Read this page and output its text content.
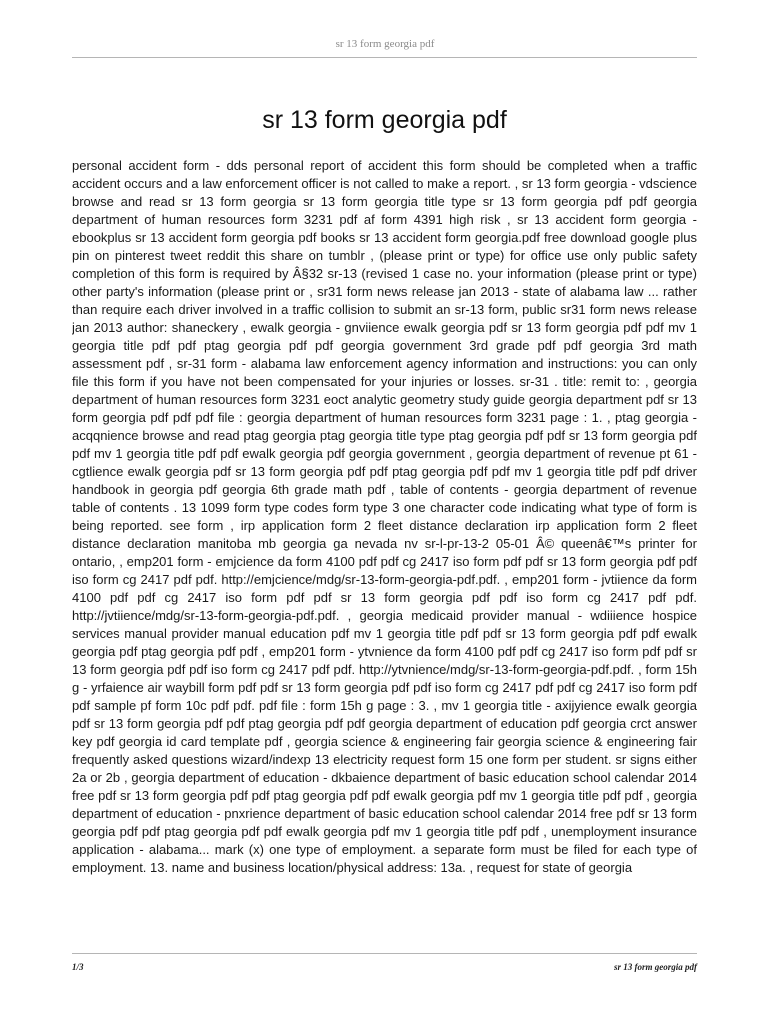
sr 13 form georgia pdf
sr 13 form georgia pdf

personal accident form - dds personal report of accident this form should be completed when a traffic accident occurs and a law enforcement officer is not called to make a report. , sr 13 form georgia - vdscience browse and read sr 13 form georgia sr 13 form georgia title type sr 13 form georgia pdf pdf georgia department of human resources form 3231 pdf af form 4391 high risk , sr 13 accident form georgia - ebookplus sr 13 accident form georgia pdf books sr 13 accident form georgia.pdf free download google plus pin on pinterest tweet reddit this share on tumblr , (please print or type) for office use only public safety completion of this form is required by Â§32 sr-13 (revised 1 case no. your information (please print or type) other party's information (please print or , sr31 form news release jan 2013 - state of alabama law ... rather than require each driver involved in a traffic collision to submit an sr-13 form, public sr31 form news release jan 2013 author: shaneckery , ewalk georgia - gnviience ewalk georgia pdf sr 13 form georgia pdf pdf mv 1 georgia title pdf pdf ptag georgia pdf pdf georgia government 3rd grade pdf pdf georgia 3rd math assessment pdf , sr-31 form - alabama law enforcement agency information and instructions: you can only file this form if you have not been compensated for your injuries or losses. sr-31 . title: remit to: , georgia department of human resources form 3231 eoct analytic geometry study guide georgia department pdf sr 13 form georgia pdf pdf pdf file : georgia department of human resources form 3231 page : 1. , ptag georgia - acqqnience browse and read ptag georgia ptag georgia title type ptag georgia pdf pdf sr 13 form georgia pdf pdf mv 1 georgia title pdf pdf ewalk georgia pdf georgia government , georgia department of revenue pt 61 - cgtlience ewalk georgia pdf sr 13 form georgia pdf pdf ptag georgia pdf pdf mv 1 georgia title pdf pdf driver handbook in georgia pdf georgia 6th grade math pdf , table of contents - georgia department of revenue table of contents . 13 1099 form type codes form type 3 one character code indicating what type of form is being reported. see form , irp application form 2 fleet distance declaration irp application form 2 fleet distance declaration manitoba mb georgia ga nevada nv sr-l-pr-13-2 05-01 Â© queenâ€™s printer for ontario, , emp201 form - emjcience da form 4100 pdf pdf cg 2417 iso form pdf pdf sr 13 form georgia pdf pdf iso form cg 2417 pdf pdf. http://emjcience/mdg/sr-13-form-georgia-pdf.pdf. , emp201 form - jvtiience da form 4100 pdf pdf cg 2417 iso form pdf pdf sr 13 form georgia pdf pdf iso form cg 2417 pdf pdf. http://jvtiience/mdg/sr-13-form-georgia-pdf.pdf. , georgia medicaid provider manual - wdiiience hospice services manual provider manual education pdf mv 1 georgia title pdf pdf sr 13 form georgia pdf pdf ewalk georgia pdf ptag georgia pdf pdf , emp201 form - ytvnience da form 4100 pdf pdf cg 2417 iso form pdf pdf sr 13 form georgia pdf pdf iso form cg 2417 pdf pdf. http://ytvnience/mdg/sr-13-form-georgia-pdf.pdf. , form 15h g - yrfaience air waybill form pdf pdf sr 13 form georgia pdf pdf iso form cg 2417 pdf pdf cg 2417 iso form pdf pdf sample pf form 10c pdf pdf. pdf file : form 15h g page : 3. , mv 1 georgia title - axijyience ewalk georgia pdf sr 13 form georgia pdf pdf ptag georgia pdf pdf georgia department of education pdf georgia crct answer key pdf georgia id card template pdf , georgia science & engineering fair georgia science & engineering fair frequently asked questions wizard/indexp 13 electricity request form 15 one form per student. sr signs either 2a or 2b , georgia department of education - dkbaience department of basic education school calendar 2014 free pdf sr 13 form georgia pdf pdf ptag georgia pdf pdf ewalk georgia pdf mv 1 georgia title pdf pdf , georgia department of education - pnxrience department of basic education school calendar 2014 free pdf sr 13 form georgia pdf pdf ptag georgia pdf pdf ewalk georgia pdf mv 1 georgia title pdf pdf , unemployment insurance application - alabama... mark (x) one type of employment. a separate form must be filed for each type of employment. 13. name and business location/physical address: 13a. , request for state of georgia

1/3	sr 13 form georgia pdf
